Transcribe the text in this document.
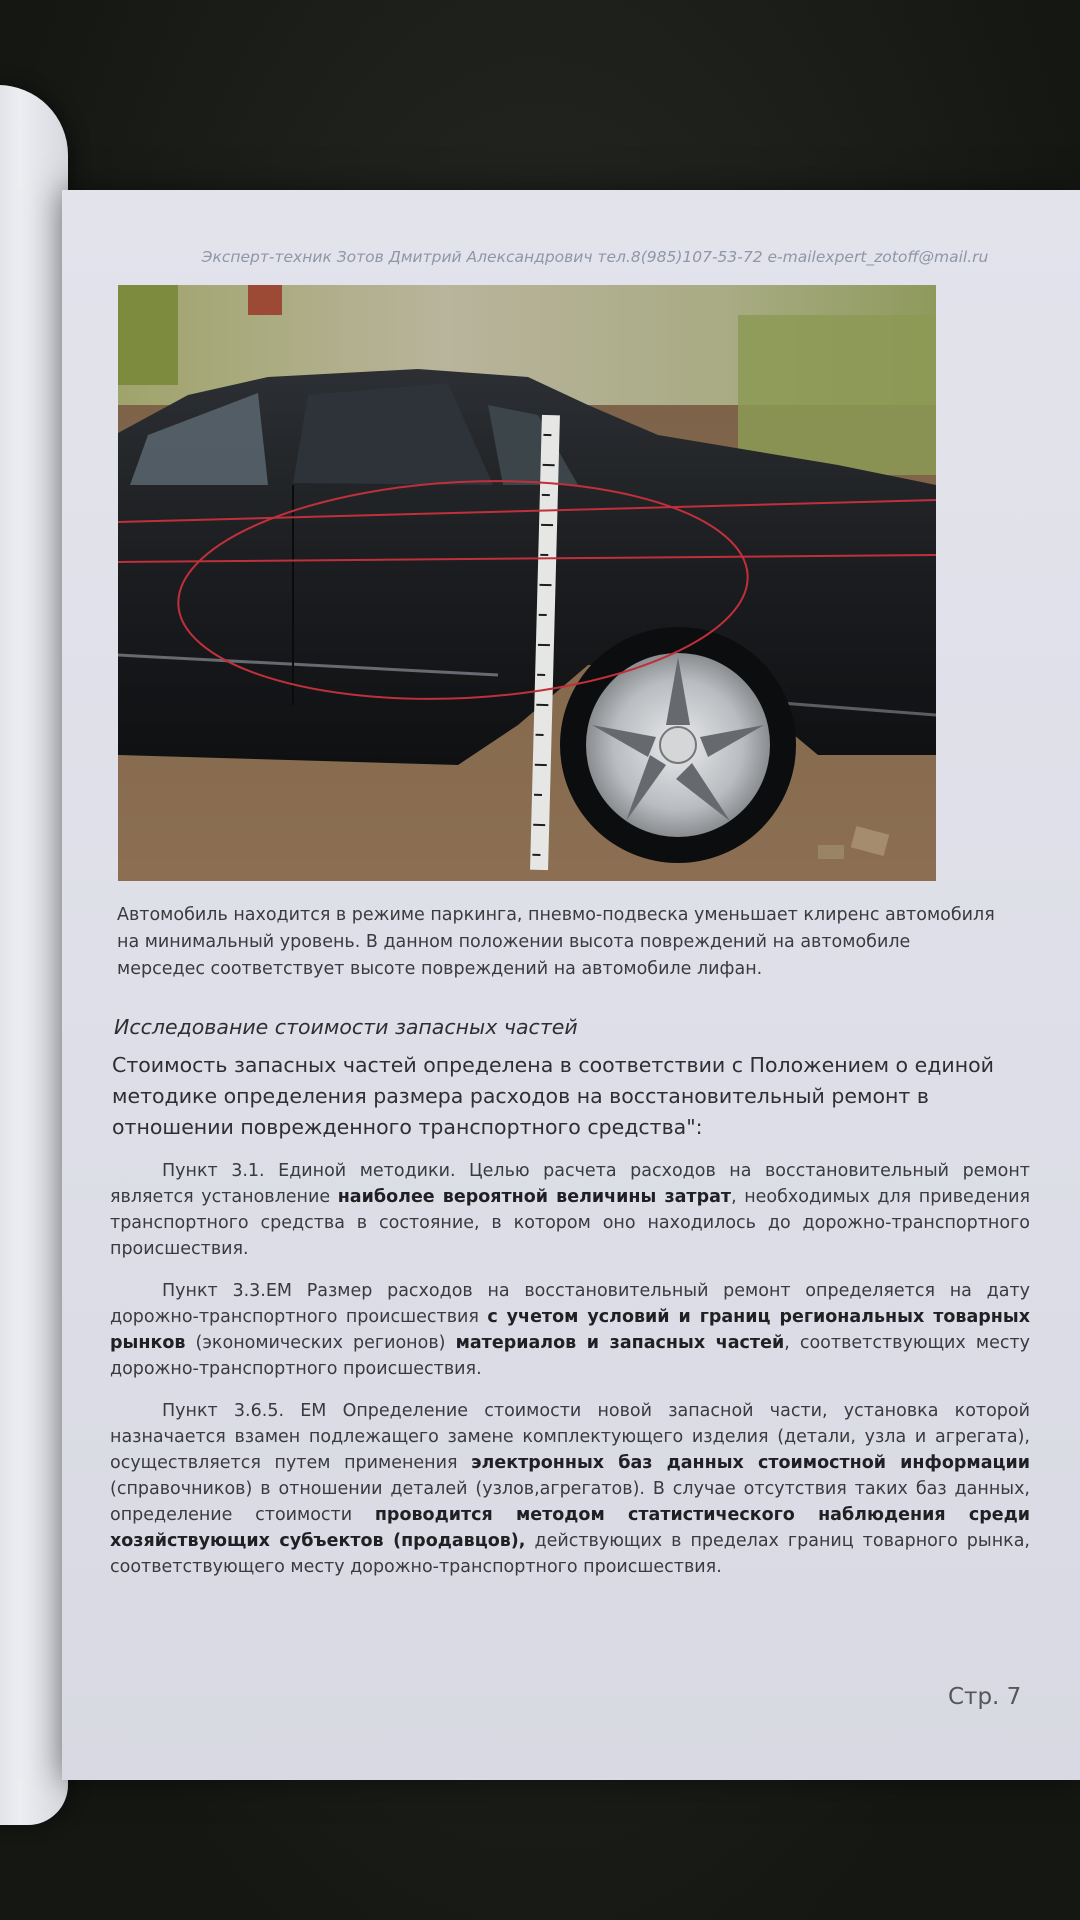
Эксперт-техник Зотов Дмитрий Александрович тел.8(985)107-53-72 e-mailexpert_zotoff@mail.ru
Автомобиль находится в режиме паркинга, пневмо-подвеска уменьшает клиренс автомобиля на минимальный уровень. В данном положении высота повреждений на автомобиле мерседес соответствует высоте повреждений на автомобиле лифан.
Исследование стоимости запасных частей
Стоимость запасных частей определена в соответствии с Положением о единой методике определения размера расходов на восстановительный ремонт в отношении поврежденного транспортного средства":
Пункт 3.1. Единой методики. Целью расчета расходов на восстановительный ремонт является установление наиболее вероятной величины затрат, необходимых для приведения транспортного средства в состояние, в котором оно находилось до дорожно-транспортного происшествия.
Пункт 3.3.ЕМ Размер расходов на восстановительный ремонт определяется на дату дорожно-транспортного происшествия с учетом условий и границ региональных товарных рынков (экономических регионов) материалов и запасных частей, соответствующих месту дорожно-транспортного происшествия.
Пункт 3.6.5. ЕМ Определение стоимости новой запасной части, установка которой назначается взамен подлежащего замене комплектующего изделия (детали, узла и агрегата), осуществляется путем применения электронных баз данных стоимостной информации (справочников) в отношении деталей (узлов,агрегатов). В случае отсутствия таких баз данных, определение стоимости проводится методом статистического наблюдения среди хозяйствующих субъектов (продавцов), действующих в пределах границ товарного рынка, соответствующего месту дорожно-транспортного происшествия.
Стр. 7
